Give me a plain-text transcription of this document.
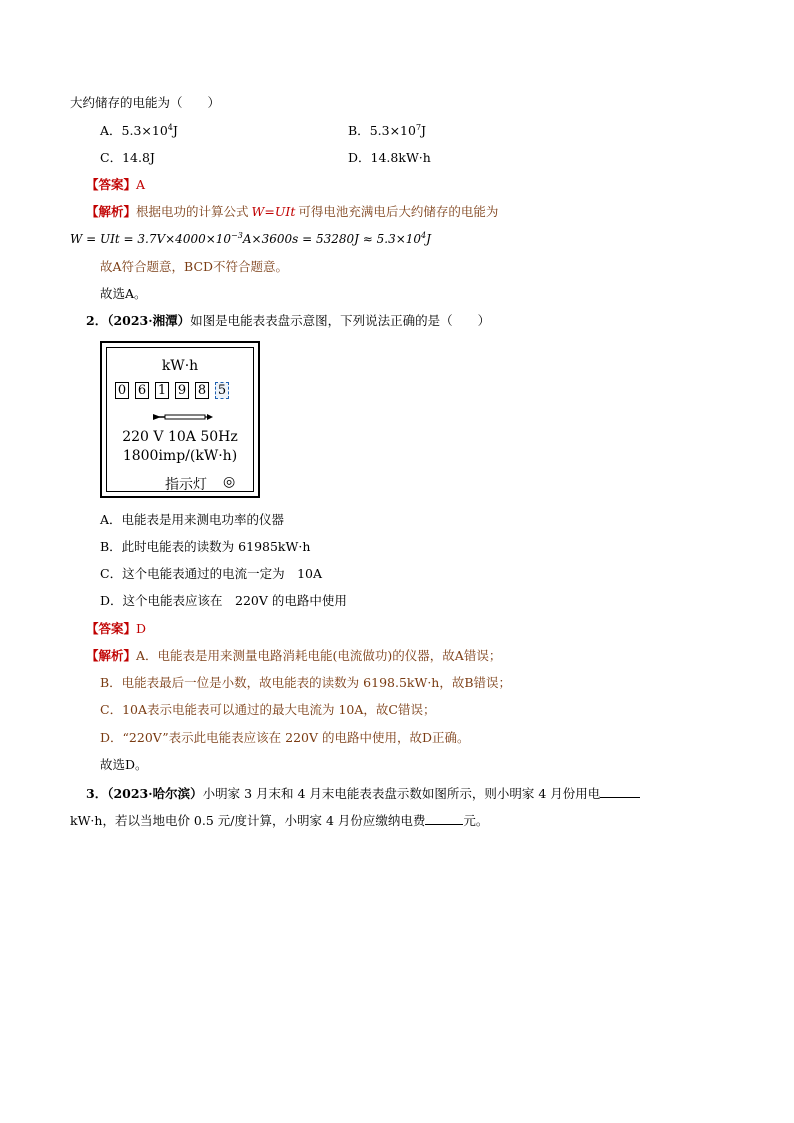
大约储存的电能为（　　）
A．$5.3\times 10^4J$	B．$5.3\times 10^7J$
C．14.8J	D．14.8kW·h
【答案】A
【解析】根据电功的计算公式 W=UIt 可得电池充满电后大约储存的电能为
W = UIt = $3.7V\times 4000\times 10^{-3}A\times 3600s = 53280J \approx 5.3\times 10^4J$
故A符合题意，BCD不符合题意。
故选A。
2．（2023·湘潭）如图是电能表表盘示意图，下列说法正确的是（　　）
kW·h
0 6 1 9 8 5
220 V 10A 50Hz
1800imp/(kW·h)
指示灯 ◎
A．电能表是用来测电功率的仪器
B．此时电能表的读数为 61985kW·h
C．这个电能表通过的电流一定为　10A
D．这个电能表应该在　220V 的电路中使用
【答案】D
【解析】A．电能表是用来测量电路消耗电能(电流做功)的仪器，故A错误；
B．电能表最后一位是小数，故电能表的读数为 6198.5kW·h，故B错误；
C．10A表示电能表可以通过的最大电流为 10A，故C错误；
D．“220V”表示此电能表应该在 220V 的电路中使用，故D正确。
故选D。
3．（2023·哈尔滨）小明家 3 月末和 4 月末电能表表盘示数如图所示，则小明家 4 月份用电
kW·h，若以当地电价 0.5 元/度计算，小明家 4 月份应缴纳电费	元。
